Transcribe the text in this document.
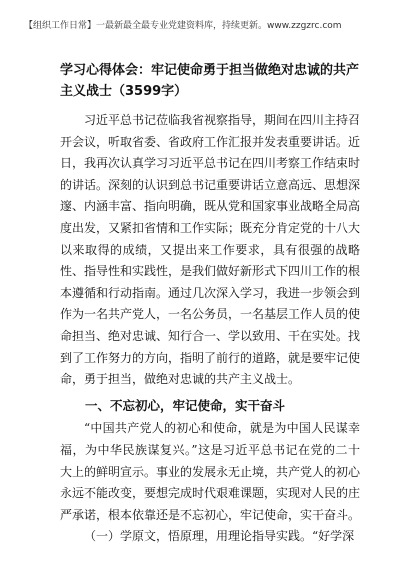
【组织工作日常】一最新最全最专业党建资料库，持续更新。www.zzgzrc.com
学习心得体会：牢记使命勇于担当做绝对忠诚的共产主义战士（3599字）

习近平总书记莅临我省视察指导，期间在四川主持召开会议，听取省委、省政府工作汇报并发表重要讲话。近日，我再次认真学习习近平总书记在四川考察工作结束时的讲话。深刻的认识到总书记重要讲话立意高远、思想深邃、内涵丰富、指向明确，既从党和国家事业战略全局高度出发，又紧扣省情和工作实际；既充分肯定党的十八大以来取得的成绩，又提出来工作要求，具有很强的战略性、指导性和实践性，是我们做好新形式下四川工作的根本遵循和行动指南。通过几次深入学习，我进一步领会到作为一名共产党人，一名公务员，一名基层工作人员的使命担当、绝对忠诚、知行合一、学以致用、干在实处。找到了工作努力的方向，指明了前行的道路，就是要牢记使命，勇于担当，做绝对忠诚的共产主义战士。

一、不忘初心，牢记使命，实干奋斗

“中国共产党人的初心和使命，就是为中国人民谋幸福，为中华民族谋复兴。”这是习近平总书记在党的二十大上的鲜明宣示。事业的发展永无止境，共产党人的初心永远不能改变，要想完成时代艰难课题，实现对人民的庄严承诺，根本依靠还是不忘初心，牢记使命，实干奋斗。

（一）学原文，悟原理，用理论指导实践。“好学深
